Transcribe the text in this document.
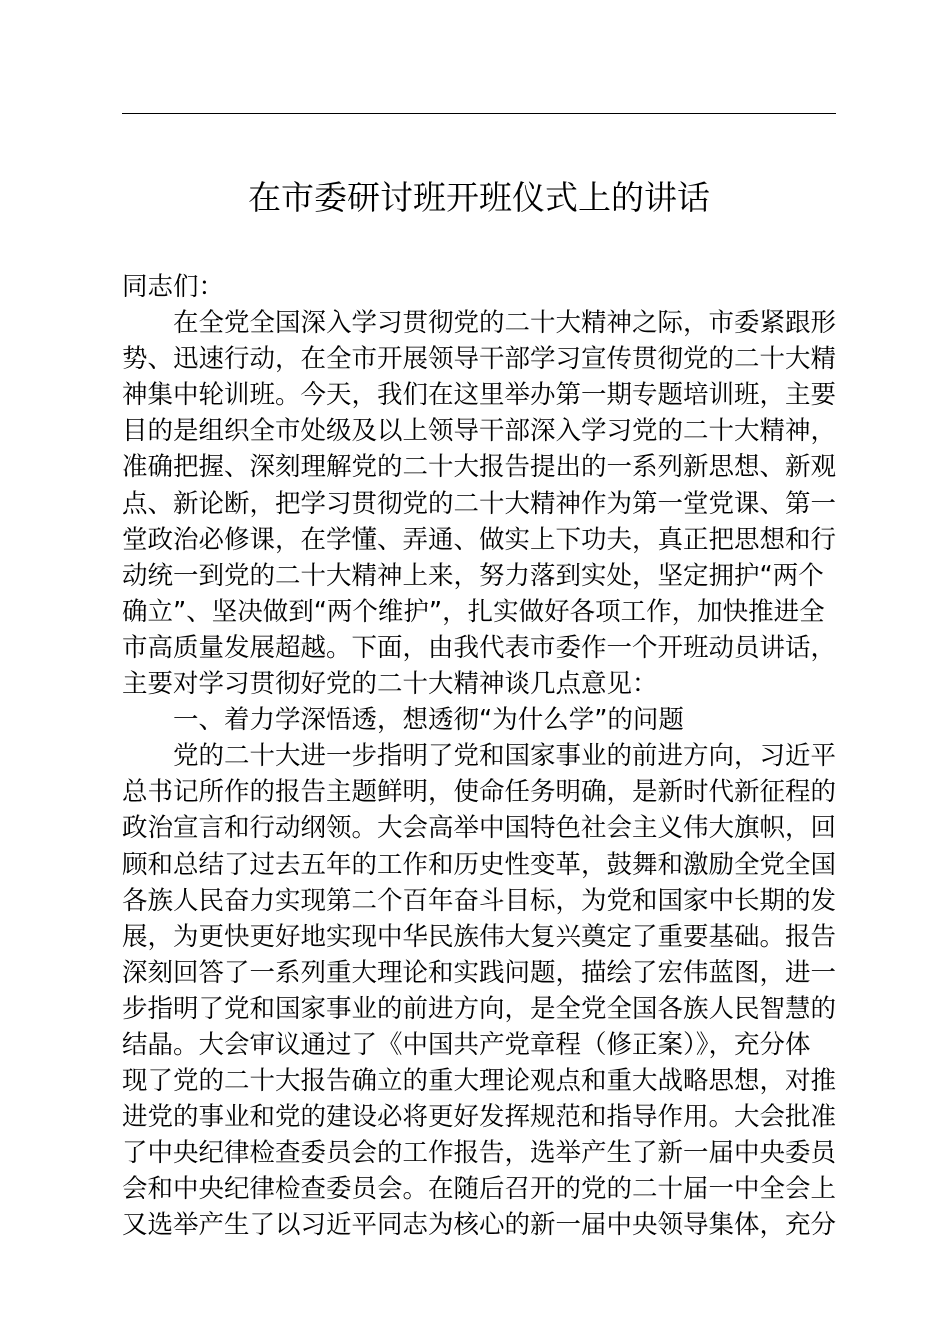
在市委研讨班开班仪式上的讲话
同志们：
在全党全国深入学习贯彻党的二十大精神之际，市委紧跟形
势、迅速行动，在全市开展领导干部学习宣传贯彻党的二十大精
神集中轮训班。今天，我们在这里举办第一期专题培训班，主要
目的是组织全市处级及以上领导干部深入学习党的二十大精神，
准确把握、深刻理解党的二十大报告提出的一系列新思想、新观
点、新论断，把学习贯彻党的二十大精神作为第一堂党课、第一
堂政治必修课，在学懂、弄通、做实上下功夫，真正把思想和行
动统一到党的二十大精神上来，努力落到实处，坚定拥护“两个
确立”、坚决做到“两个维护”，扎实做好各项工作，加快推进全
市高质量发展超越。下面，由我代表市委作一个开班动员讲话，
主要对学习贯彻好党的二十大精神谈几点意见：
一、着力学深悟透，想透彻“为什么学”的问题
党的二十大进一步指明了党和国家事业的前进方向，习近平
总书记所作的报告主题鲜明，使命任务明确，是新时代新征程的
政治宣言和行动纲领。大会高举中国特色社会主义伟大旗帜，回
顾和总结了过去五年的工作和历史性变革，鼓舞和激励全党全国
各族人民奋力实现第二个百年奋斗目标，为党和国家中长期的发
展，为更快更好地实现中华民族伟大复兴奠定了重要基础。报告
深刻回答了一系列重大理论和实践问题，描绘了宏伟蓝图，进一
步指明了党和国家事业的前进方向，是全党全国各族人民智慧的
结晶。大会审议通过了《中国共产党章程（修正案）》，充分体
现了党的二十大报告确立的重大理论观点和重大战略思想，对推
进党的事业和党的建设必将更好发挥规范和指导作用。大会批准
了中央纪律检查委员会的工作报告，选举产生了新一届中央委员
会和中央纪律检查委员会。在随后召开的党的二十届一中全会上
又选举产生了以习近平同志为核心的新一届中央领导集体，充分
